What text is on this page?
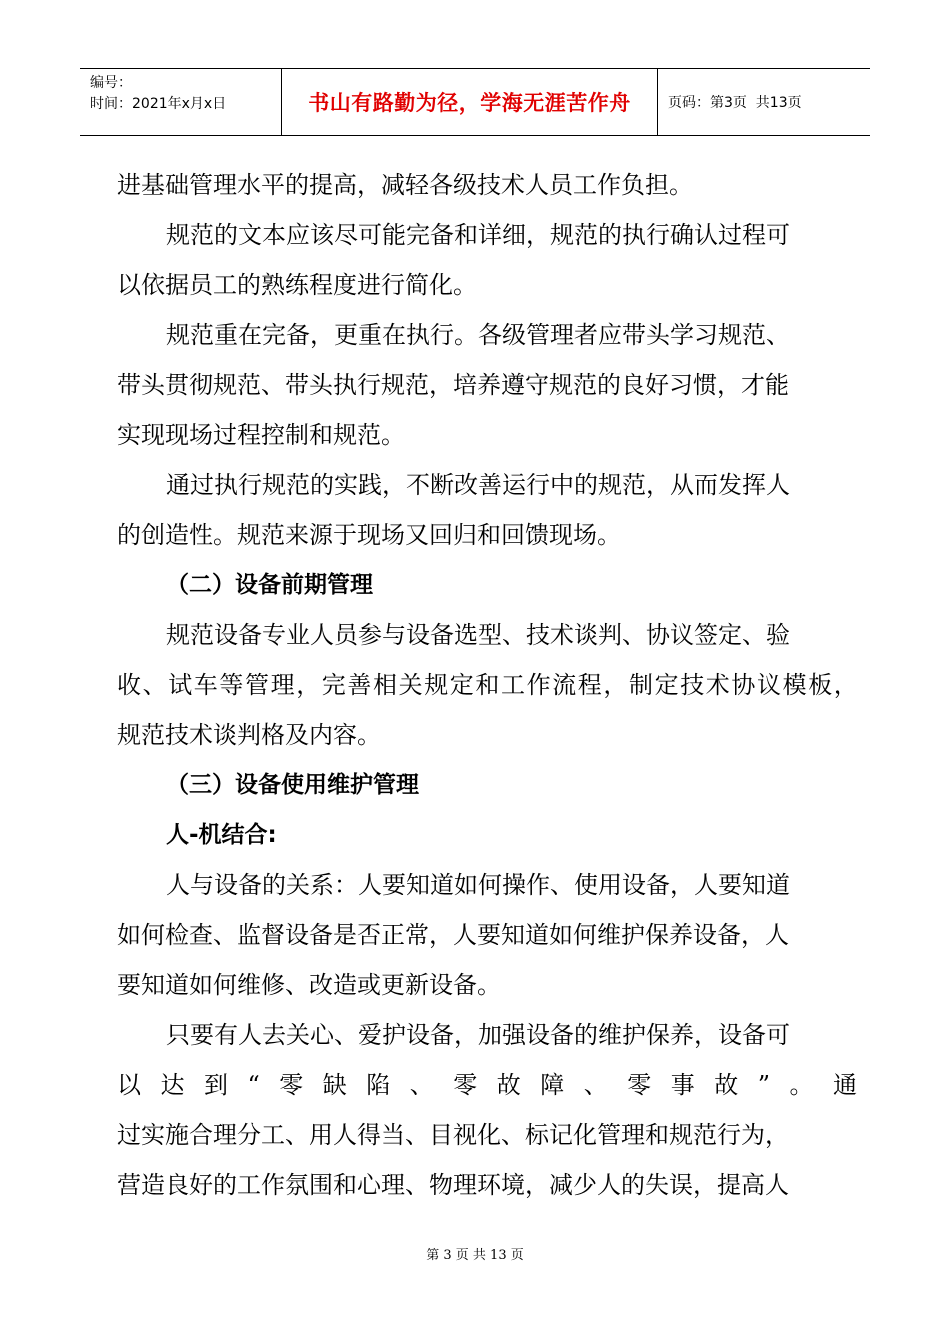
编号：
时间：2021年x月x日	书山有路勤为径，学海无涯苦作舟	页码：第3页  共13页
进基础管理水平的提高，减轻各级技术人员工作负担。
规范的文本应该尽可能完备和详细，规范的执行确认过程可
以依据员工的熟练程度进行简化。
规范重在完备，更重在执行。各级管理者应带头学习规范、
带头贯彻规范、带头执行规范，培养遵守规范的良好习惯，才能
实现现场过程控制和规范。
通过执行规范的实践，不断改善运行中的规范，从而发挥人
的创造性。规范来源于现场又回归和回馈现场。
（二）设备前期管理
规范设备专业人员参与设备选型、技术谈判、协议签定、验
收、试车等管理，完善相关规定和工作流程，制定技术协议模板，
规范技术谈判格及内容。
（三）设备使用维护管理
人-机结合:
人与设备的关系：人要知道如何操作、使用设备，人要知道
如何检查、监督设备是否正常，人要知道如何维护保养设备，人
要知道如何维修、改造或更新设备。
只要有人去关心、爱护设备，加强设备的维护保养，设备可
以达到“零缺陷、零故障、零事故”。通
过实施合理分工、用人得当、目视化、标记化管理和规范行为，
营造良好的工作氛围和心理、物理环境，减少人的失误，提高人
第 3 页 共 13 页
